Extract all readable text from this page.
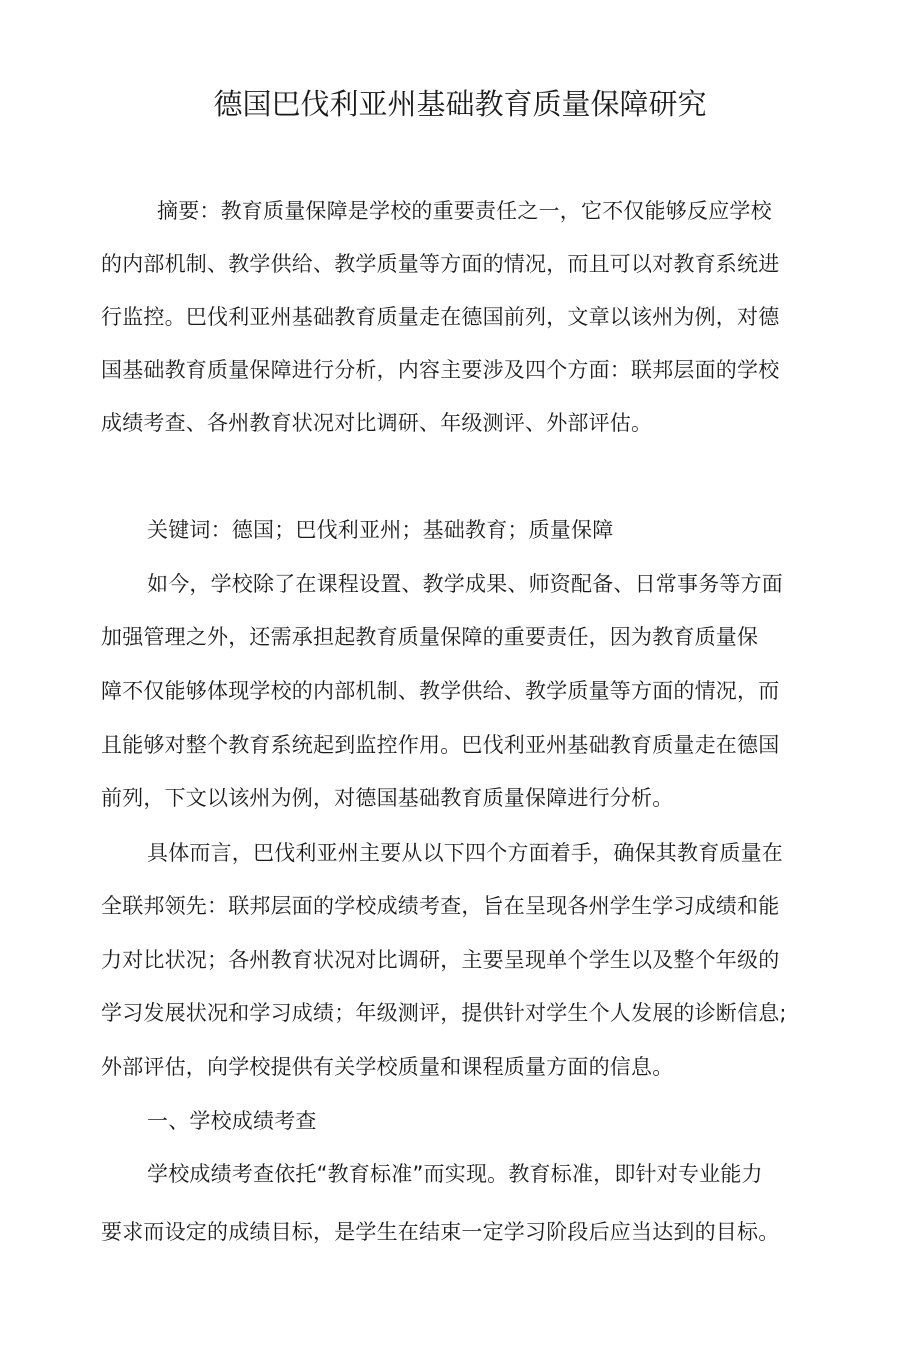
德国巴伐利亚州基础教育质量保障研究
摘要：教育质量保障是学校的重要责任之一，它不仅能够反应学校
的内部机制、教学供给、教学质量等方面的情况，而且可以对教育系统进
行监控。巴伐利亚州基础教育质量走在德国前列，文章以该州为例，对德
国基础教育质量保障进行分析，内容主要涉及四个方面：联邦层面的学校
成绩考查、各州教育状况对比调研、年级测评、外部评估。
关键词：德国；巴伐利亚州；基础教育；质量保障
如今，学校除了在课程设置、教学成果、师资配备、日常事务等方面
加强管理之外，还需承担起教育质量保障的重要责任，因为教育质量保
障不仅能够体现学校的内部机制、教学供给、教学质量等方面的情况，而
且能够对整个教育系统起到监控作用。巴伐利亚州基础教育质量走在德国
前列，下文以该州为例，对德国基础教育质量保障进行分析。
具体而言，巴伐利亚州主要从以下四个方面着手，确保其教育质量在
全联邦领先：联邦层面的学校成绩考查，旨在呈现各州学生学习成绩和能
力对比状况；各州教育状况对比调研，主要呈现单个学生以及整个年级的
学习发展状况和学习成绩；年级测评，提供针对学生个人发展的诊断信息;
外部评估，向学校提供有关学校质量和课程质量方面的信息。
一、学校成绩考查
学校成绩考查依托“教育标准”而实现。教育标准，即针对专业能力
要求而设定的成绩目标，是学生在结束一定学习阶段后应当达到的目标。
